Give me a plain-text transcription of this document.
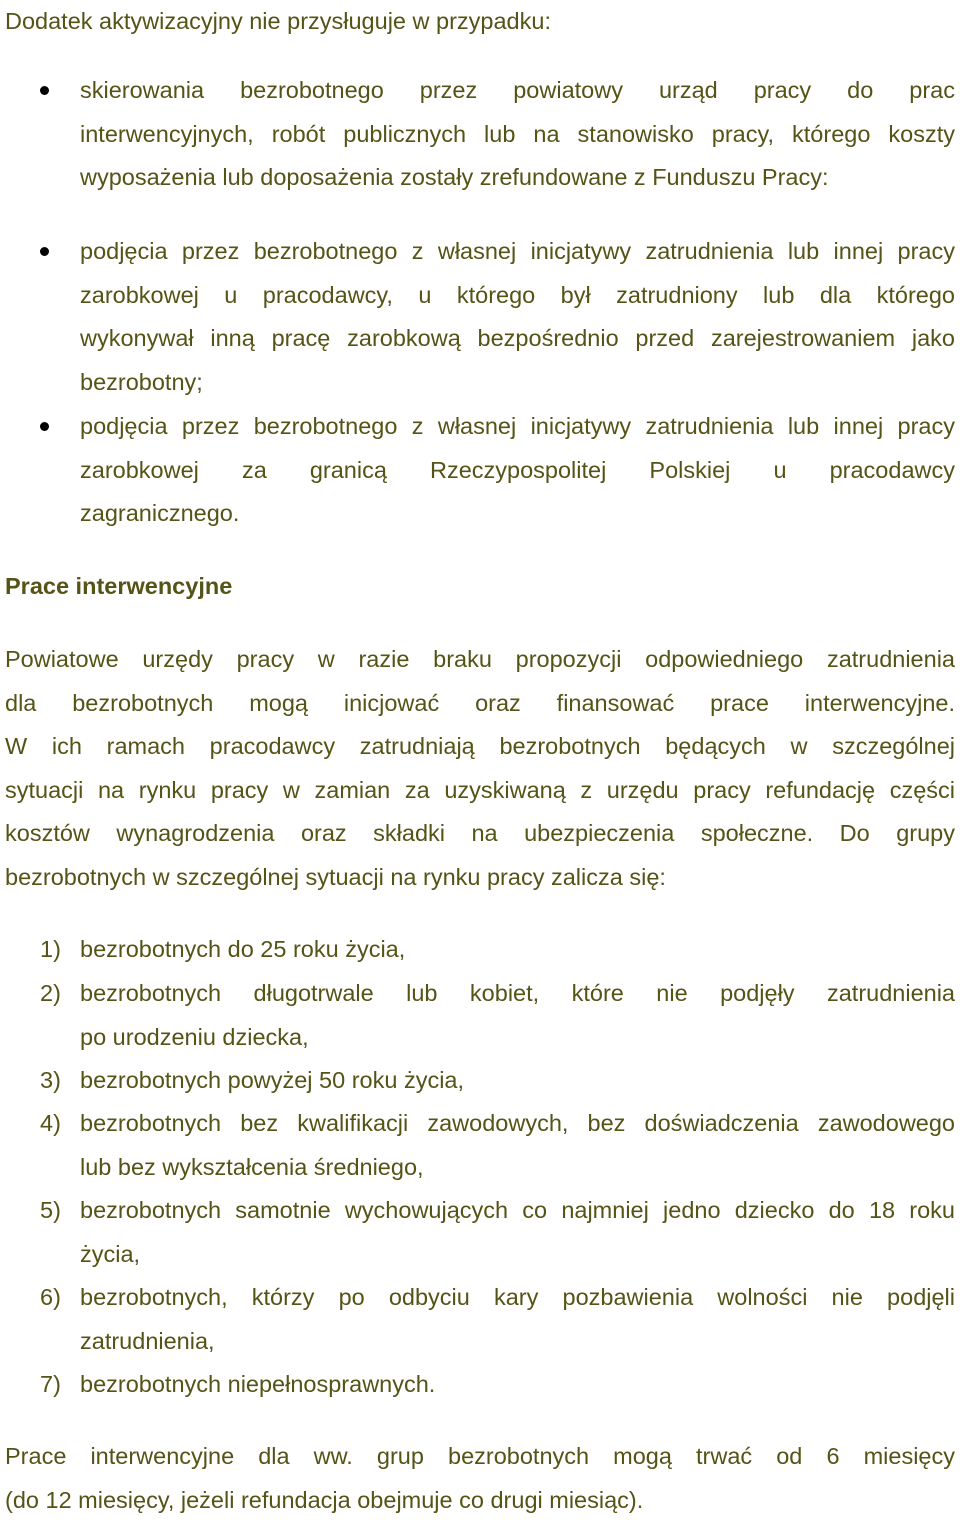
Dodatek aktywizacyjny nie przysługuje w przypadku:
skierowania bezrobotnego przez powiatowy urząd pracy do prac
interwencyjnych, robót publicznych lub na stanowisko pracy, którego koszty
wyposażenia lub doposażenia zostały zrefundowane z Funduszu Pracy:
podjęcia przez bezrobotnego z własnej inicjatywy zatrudnienia lub innej pracy
zarobkowej u pracodawcy, u którego był zatrudniony lub dla którego
wykonywał inną pracę zarobkową bezpośrednio przed zarejestrowaniem jako
bezrobotny;
podjęcia przez bezrobotnego z własnej inicjatywy zatrudnienia lub innej pracy
zarobkowej za granicą Rzeczypospolitej Polskiej u pracodawcy
zagranicznego.
Prace interwencyjne
Powiatowe urzędy pracy w razie braku propozycji odpowiedniego zatrudnienia
dla bezrobotnych mogą inicjować oraz finansować prace interwencyjne.
W ich ramach pracodawcy zatrudniają bezrobotnych będących w szczególnej
sytuacji na rynku pracy w zamian za uzyskiwaną z urzędu pracy refundację części
kosztów wynagrodzenia oraz składki na ubezpieczenia społeczne. Do grupy
bezrobotnych w szczególnej sytuacji na rynku pracy zalicza się:
1) bezrobotnych do 25 roku życia,
2) bezrobotnych długotrwale lub kobiet, które nie podjęły zatrudnienia
po urodzeniu dziecka,
3) bezrobotnych powyżej 50 roku życia,
4) bezrobotnych bez kwalifikacji zawodowych, bez doświadczenia zawodowego
lub bez wykształcenia średniego,
5) bezrobotnych samotnie wychowujących co najmniej jedno dziecko do 18 roku
życia,
6) bezrobotnych, którzy po odbyciu kary pozbawienia wolności nie podjęli
zatrudnienia,
7) bezrobotnych niepełnosprawnych.
Prace interwencyjne dla ww. grup bezrobotnych mogą trwać od 6 miesięcy
(do 12 miesięcy, jeżeli refundacja obejmuje co drugi miesiąc).
